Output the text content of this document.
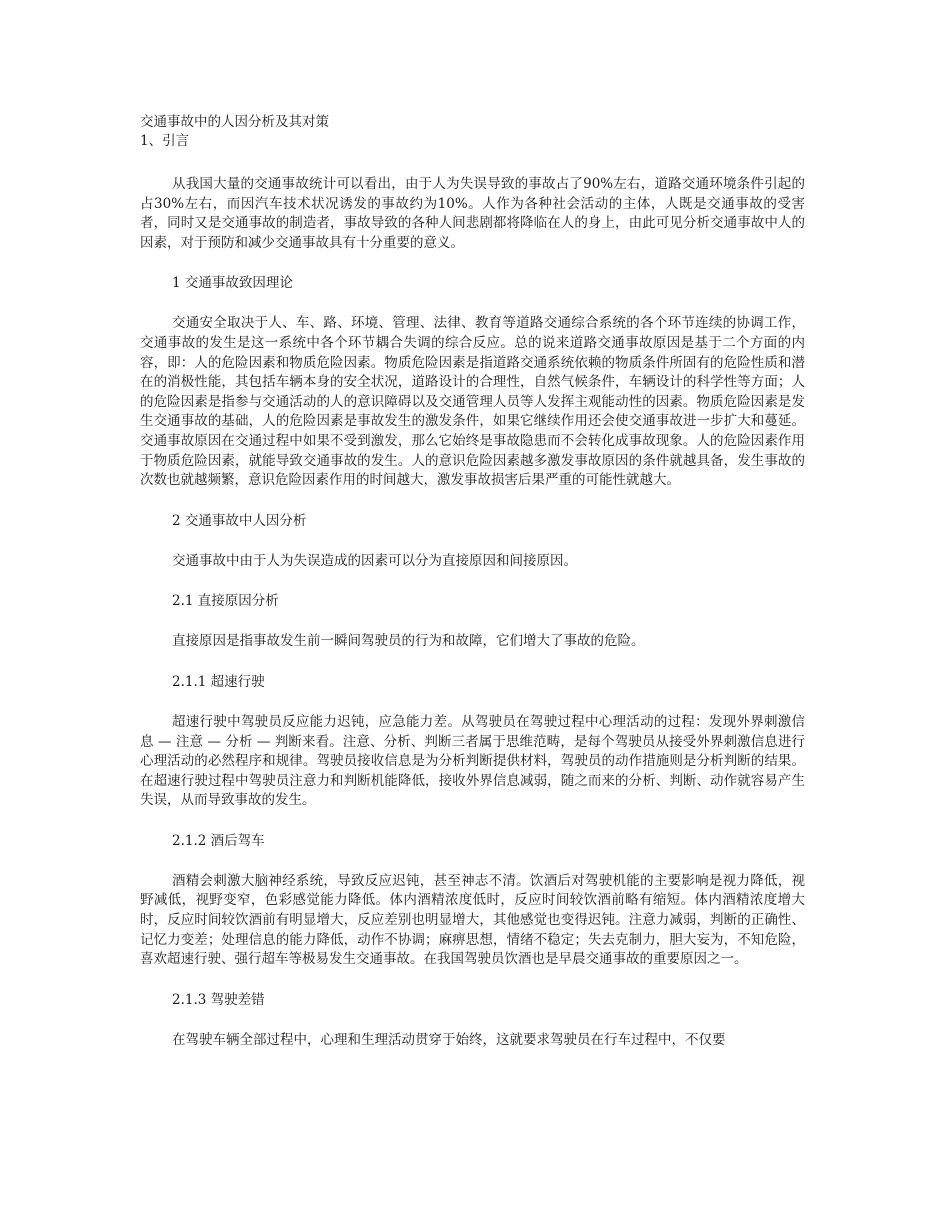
交通事故中的人因分析及其对策

1、引言

从我国大量的交通事故统计可以看出，由于人为失误导致的事故占了90%左右，道路交通环境条件引起的占30%左右，而因汽车技术状况诱发的事故约为10%。人作为各种社会活动的主体，人既是交通事故的受害者，同时又是交通事故的制造者，事故导致的各种人间悲剧都将降临在人的身上，由此可见分析交通事故中人的因素，对于预防和减少交通事故具有十分重要的意义。

1 交通事故致因理论

交通安全取决于人、车、路、环境、管理、法律、教育等道路交通综合系统的各个环节连续的协调工作，交通事故的发生是这一系统中各个环节耦合失调的综合反应。总的说来道路交通事故原因是基于二个方面的内容，即：人的危险因素和物质危险因素。物质危险因素是指道路交通系统依赖的物质条件所固有的危险性质和潜在的消极性能，其包括车辆本身的安全状况，道路设计的合理性，自然气候条件，车辆设计的科学性等方面；人的危险因素是指参与交通活动的人的意识障碍以及交通管理人员等人发挥主观能动性的因素。物质危险因素是发生交通事故的基础，人的危险因素是事故发生的激发条件，如果它继续作用还会使交通事故进一步扩大和蔓延。交通事故原因在交通过程中如果不受到激发，那么它始终是事故隐患而不会转化成事故现象。人的危险因素作用于物质危险因素，就能导致交通事故的发生。人的意识危险因素越多激发事故原因的条件就越具备，发生事故的次数也就越频繁，意识危险因素作用的时间越大，激发事故损害后果严重的可能性就越大。

2 交通事故中人因分析

交通事故中由于人为失误造成的因素可以分为直接原因和间接原因。

2.1 直接原因分析

直接原因是指事故发生前一瞬间驾驶员的行为和故障，它们增大了事故的危险。

2.1.1 超速行驶

超速行驶中驾驶员反应能力迟钝，应急能力差。从驾驶员在驾驶过程中心理活动的过程：发现外界刺激信息 — 注意 — 分析 — 判断来看。注意、分析、判断三者属于思维范畴，是每个驾驶员从接受外界刺激信息进行心理活动的必然程序和规律。驾驶员接收信息是为分析判断提供材料，驾驶员的动作措施则是分析判断的结果。在超速行驶过程中驾驶员注意力和判断机能降低，接收外界信息减弱，随之而来的分析、判断、动作就容易产生失误，从而导致事故的发生。

2.1.2 酒后驾车

酒精会刺激大脑神经系统，导致反应迟钝，甚至神志不清。饮酒后对驾驶机能的主要影响是视力降低，视野减低，视野变窄，色彩感觉能力降低。体内酒精浓度低时，反应时间较饮酒前略有缩短。体内酒精浓度增大时，反应时间较饮酒前有明显增大，反应差别也明显增大，其他感觉也变得迟钝。注意力减弱，判断的正确性、记忆力变差；处理信息的能力降低，动作不协调；麻痹思想，情绪不稳定；失去克制力，胆大妄为，不知危险，喜欢超速行驶、强行超车等极易发生交通事故。在我国驾驶员饮酒也是早晨交通事故的重要原因之一。

2.1.3 驾驶差错

在驾驶车辆全部过程中，心理和生理活动贯穿于始终，这就要求驾驶员在行车过程中，不仅要
